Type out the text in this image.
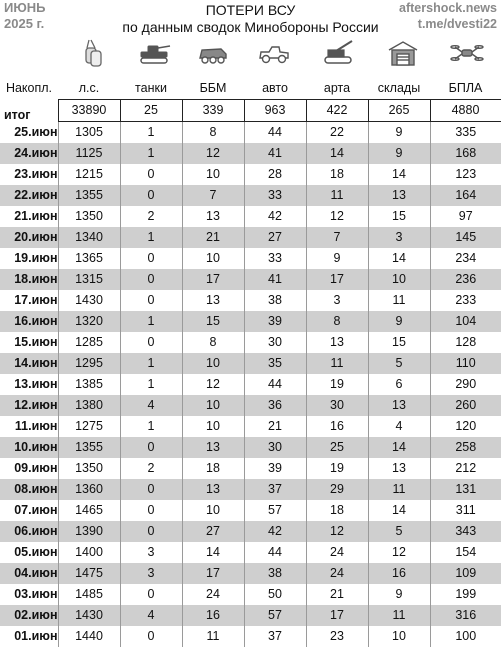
ИЮНЬ
2025 г.
ПОТЕРИ ВСУ
по данным сводок Минобороны России
aftershock.news
t.me/dvesti22
Накопл.	л.с.	танки	ББМ	авто	арта	склады	БПЛА
итог	33890	25	339	963	422	265	4880
25.июн	1305	1	8	44	22	9	335
24.июн	1125	1	12	41	14	9	168
23.июн	1215	0	10	28	18	14	123
22.июн	1355	0	7	33	11	13	164
21.июн	1350	2	13	42	12	15	97
20.июн	1340	1	21	27	7	3	145
19.июн	1365	0	10	33	9	14	234
18.июн	1315	0	17	41	17	10	236
17.июн	1430	0	13	38	3	11	233
16.июн	1320	1	15	39	8	9	104
15.июн	1285	0	8	30	13	15	128
14.июн	1295	1	10	35	11	5	110
13.июн	1385	1	12	44	19	6	290
12.июн	1380	4	10	36	30	13	260
11.июн	1275	1	10	21	16	4	120
10.июн	1355	0	13	30	25	14	258
09.июн	1350	2	18	39	19	13	212
08.июн	1360	0	13	37	29	11	131
07.июн	1465	0	10	57	18	14	311
06.июн	1390	0	27	42	12	5	343
05.июн	1400	3	14	44	24	12	154
04.июн	1475	3	17	38	24	16	109
03.июн	1485	0	24	50	21	9	199
02.июн	1430	4	16	57	17	11	316
01.июн	1440	0	11	37	23	10	100
